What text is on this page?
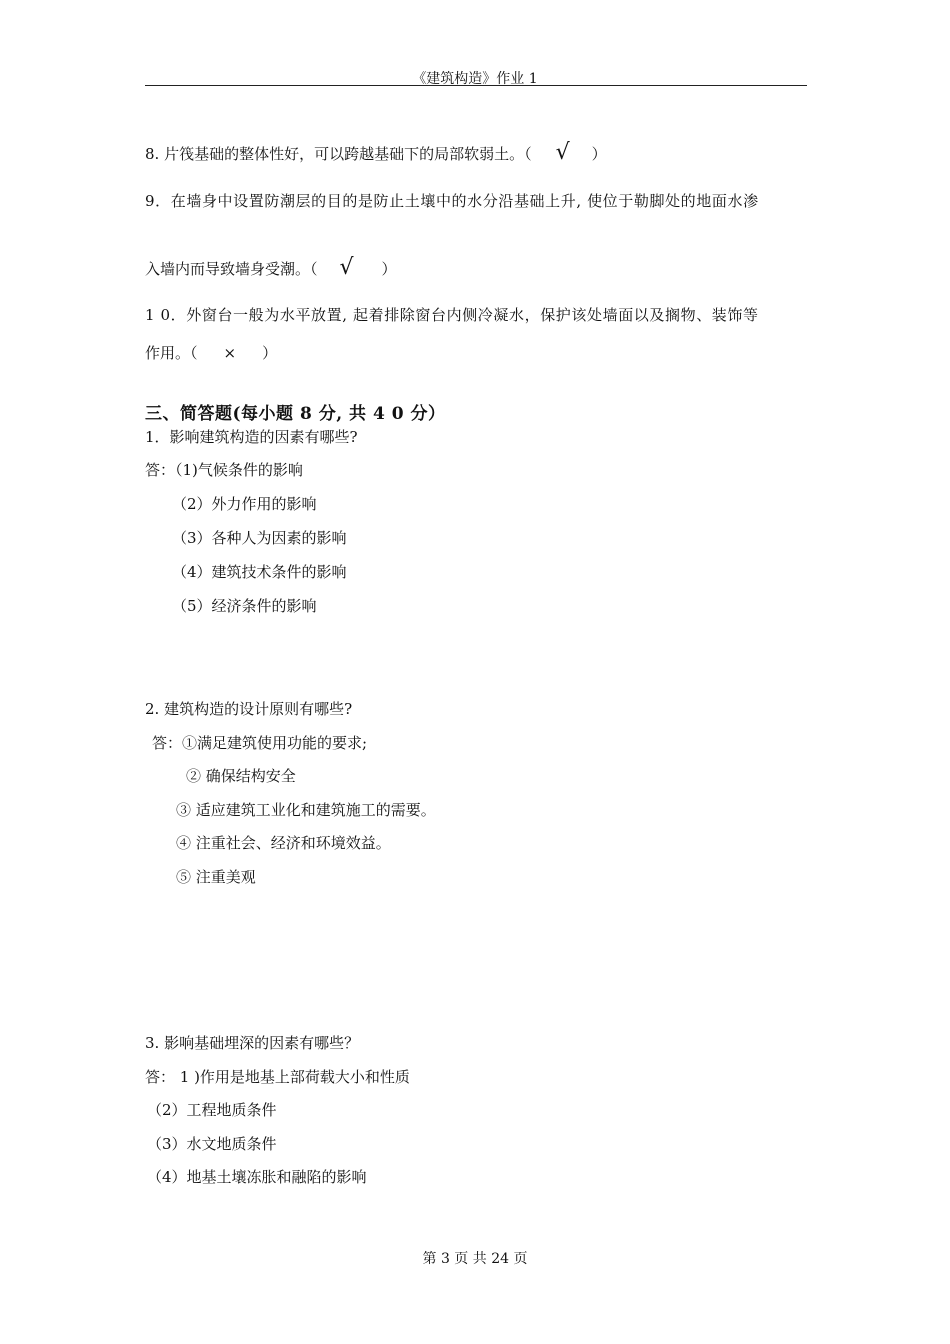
《建筑构造》作业 1
8. 片筏基础的整体性好，可以跨越基础下的局部软弱土。（ √ ）
9．在墙身中设置防潮层的目的是防止土壤中的水分沿基础上升, 使位于勒脚处的地面水渗
入墙内而导致墙身受潮。（ √ ）
1 0．外窗台一般为水平放置, 起着排除窗台内侧冷凝水，保护该处墙面以及搁物、装饰等
作用。（ × ）
三、简答题(每小题 8 分, 共 4 0 分）
1．影响建筑构造的因素有哪些?
答：（1)气候条件的影响
（2）外力作用的影响
（3）各种人为因素的影响
（4）建筑技术条件的影响
（5）经济条件的影响
2. 建筑构造的设计原则有哪些?
答：①满足建筑使用功能的要求;
② 确保结构安全
③ 适应建筑工业化和建筑施工的需要。
④ 注重社会、经济和环境效益。
⑤ 注重美观
3. 影响基础埋深的因素有哪些？
答： 1 )作用是地基上部荷载大小和性质
（2）工程地质条件
（3）水文地质条件
（4）地基土壤冻胀和融陷的影响
第 3 页 共 24 页
